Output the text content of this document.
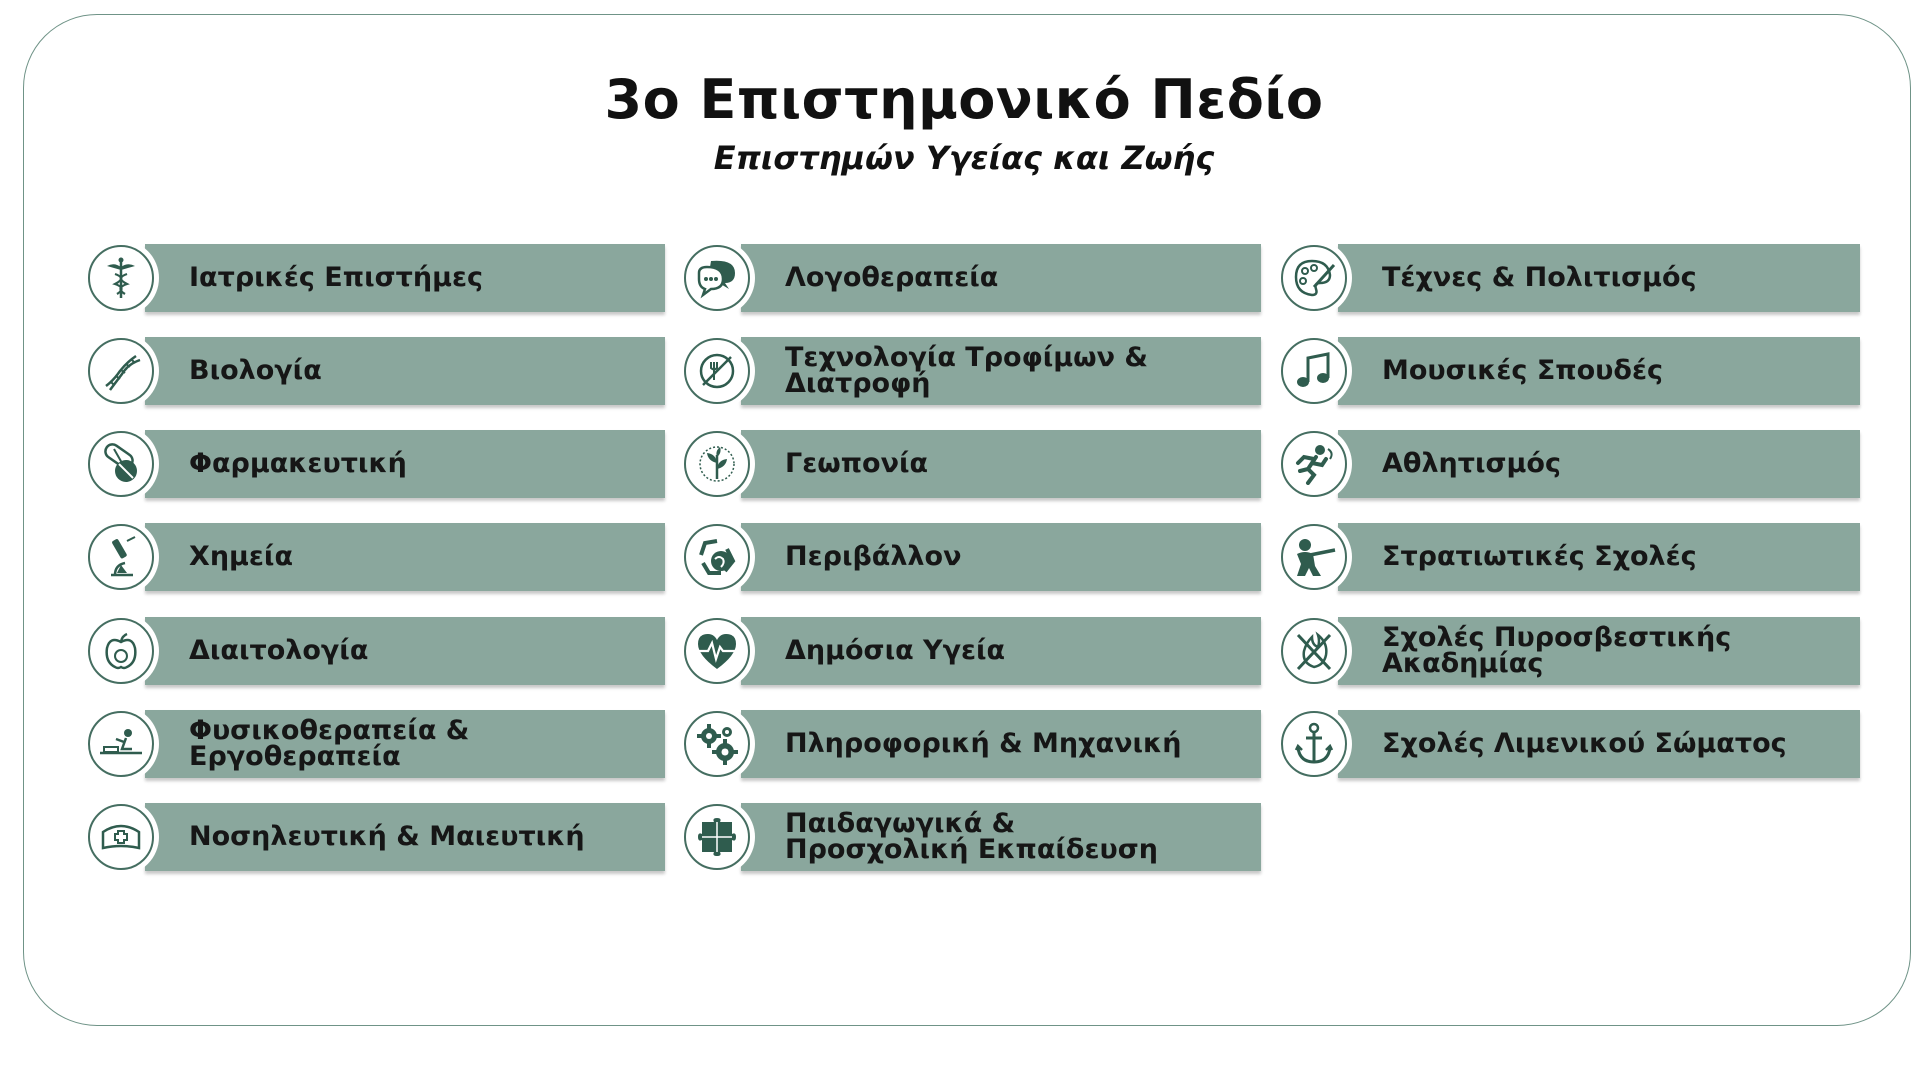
3ο Επιστημονικό Πεδίο
Επιστημών Υγείας και Ζωής
Ιατρικές Επιστήμες
Βιολογία
Φαρμακευτική
Χημεία
Διαιτολογία
Φυσικοθεραπεία & Εργοθεραπεία
Νοσηλευτική & Μαιευτική
Λογοθεραπεία
Τεχνολογία Τροφίμων & Διατροφή
Γεωπονία
Περιβάλλον
Δημόσια Υγεία
Πληροφορική & Μηχανική
Παιδαγωγικά &
Προσχολική Εκπαίδευση
Τέχνες & Πολιτισμός
Μουσικές Σπουδές
Αθλητισμός
Στρατιωτικές Σχολές
Σχολές Πυροσβεστικής Ακαδημίας
Σχολές Λιμενικού Σώματος
